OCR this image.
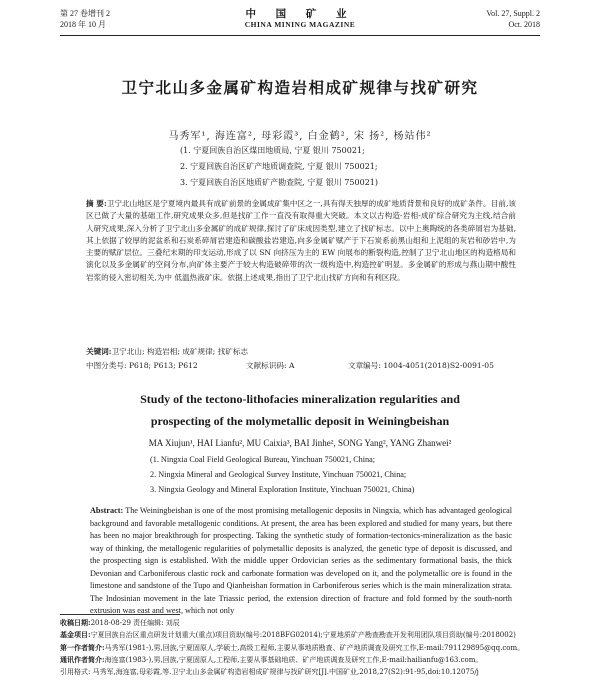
第 27 卷增刊 2
2018 年 10 月
中 国 矿 业
CHINA MINING MAGAZINE
Vol. 27, Suppl. 2
Oct. 2018
卫宁北山多金属矿构造岩相成矿规律与找矿研究
马秀军¹, 海连富², 母彩霞³, 白金鹤², 宋 扬², 杨站伟²
(1. 宁夏回族自治区煤田地质局, 宁夏 银川 750021;
2. 宁夏回族自治区矿产地质调查院, 宁夏 银川 750021;
3. 宁夏回族自治区地质矿产勘查院, 宁夏 银川 750021)
摘 要:卫宁北山地区是宁夏境内最具有成矿前景的金属成矿集中区之一,具有得天独厚的成矿地质背景和良好的成矿条件。目前,该区已做了大量的基础工作,研究成果众多,但是找矿工作一直没有取得重大突破。本文以古构造-岩相-成矿综合研究为主线,结合前人研究成果,深入分析了卫宁北山多金属矿的成矿规律,探讨了矿床成因类型,建立了找矿标志。以中上奥陶统的各类碎屑岩为基础,其上依据了较厚的泥盆系和石炭系碎屑岩建造和碳酸盐岩建造,向多金属矿赋产于下石炭系前黑山组和上泥组的灰岩和砂岩中,为主要的赋矿层位。三叠纪末期的印支运动,形成了以 SN 向挤压为主的 EW 向展布的断裂构造,控制了卫宁北山地区的构造格局和演化以及多金属矿的空间分布,向矿体主要产于较大构造破碎带的次一级构造中,构造控矿明显。多金属矿的形成与燕山期中酸性岩浆的侵入密切相关,为中 低温热液矿床。依据上述成果,指出了卫宁北山找矿方向和有利区段。
关键词:卫宁北山; 构造岩相; 成矿规律; 找矿标志
中图分类号: P618; P613; P612	文献标识码: A	文章编号: 1004-4051(2018)S2-0091-05
Study of the tectono-lithofacies mineralization regularities and
prospecting of the molymetallic deposit in Weiningbeishan
MA Xiujun¹, HAI Lianfu², MU Caixia³, BAI Jinhe², SONG Yang², YANG Zhanwei²
(1. Ningxia Coal Field Geological Bureau, Yinchuan 750021, China;
2. Ningxia Mineral and Geological Survey Institute, Yinchuan 750021, China;
3. Ningxia Geology and Mineral Exploration Institute, Yinchuan 750021, China)
Abstract: The Weiningbeishan is one of the most promising metallogenic deposits in Ningxia, which has advantaged geological background and favorable metallogenic conditions. At present, the area has been explored and studied for many years, but there has been no major breakthrough for prospecting. Taking the synthetic study of formation-tectonics-mineralization as the basic way of thinking, the metallogenic regularities of polymetallic deposits is analyzed, the genetic type of deposit is discussed, and the prospecting sign is established. With the middle upper Ordovician series as the sedimentary formational basis, the thick Devonian and Carboniferous clastic rock and carbonate formation was developed on it, and the polymetallic ore is found in the limestone and sandstone of the Tupo and Qianheishan formation in Carboniferous series which is the main mineralization strata. The Indosinian movement in the late Triassic period, the extension direction of fracture and fold formed by the south-north extrusion was east and west, which not only
收稿日期:2018-08-29 责任编辑: 刘辰
基金项目:宁夏回族自治区重点研发计划重大(重点)项目资助(编号:2018BFG02014);宁夏地质矿产勘查勘查开发利用团队项目资助(编号:2018002)
第一作者简介:马秀军(1981-),男,回族,宁夏固原人,学硕士,高级工程师,主要从事地质勘查、矿产地质调查及研究工作,E-mail:791129895@qq.com。
通讯作者简介:海连富(1983-),男,回族,宁夏固原人,工程师,主要从事基础地质、矿产地质调查及研究工作,E-mail:hailianfu@163.com。
引用格式: 马秀军,海连富,母彩霞,等.卫宁北山多金属矿构造岩相成矿规律与找矿研究[J].中国矿业,2018,27(S2):91-95,doi:10.12075/j
